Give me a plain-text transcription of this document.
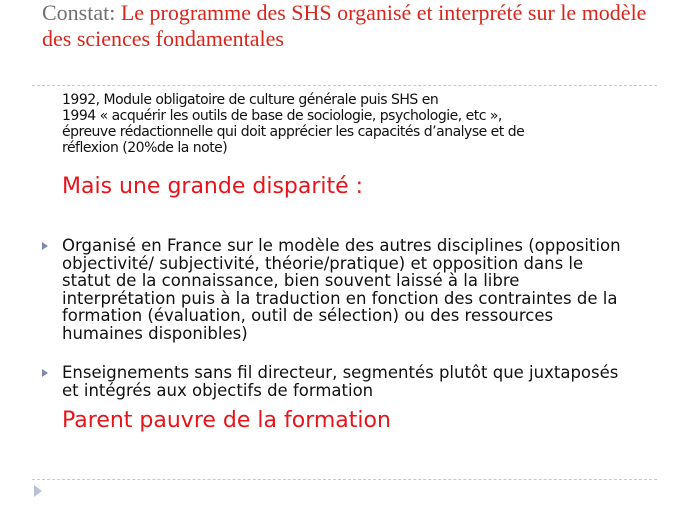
Constat: Le programme des SHS organisé et interprété sur le modèle des sciences fondamentales
1992, Module obligatoire de culture générale puis SHS en
1994 « acquérir les outils de base de sociologie, psychologie, etc »,
épreuve rédactionnelle qui doit apprécier les capacités d’analyse et de
réflexion (20%de la note)
Mais une grande disparité :
Organisé en France sur le modèle des autres disciplines (opposition
objectivité/ subjectivité, théorie/pratique) et opposition dans le
statut de la connaissance, bien souvent laissé à la libre
interprétation puis à la traduction en fonction des contraintes de la
formation (évaluation, outil de sélection) ou des ressources
humaines disponibles)
Enseignements sans fil directeur, segmentés plutôt que juxtaposés
et intégrés aux objectifs de formation
Parent pauvre de la formation
